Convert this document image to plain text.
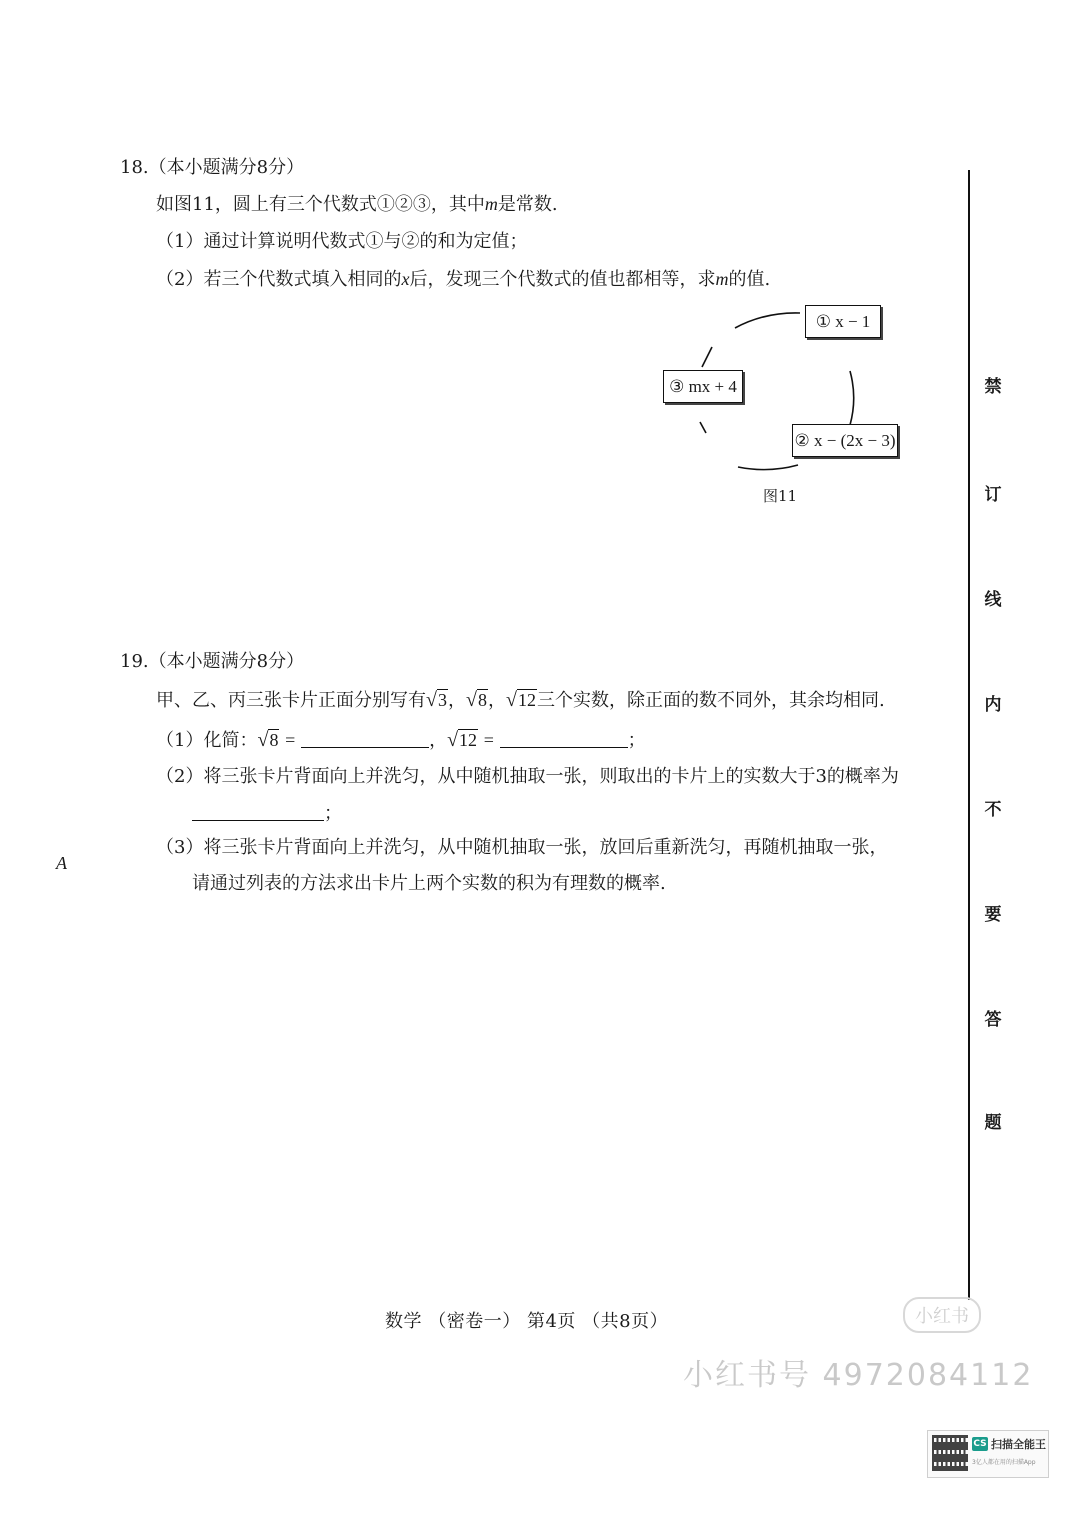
18.（本小题满分8分）
如图11，圆上有三个代数式①②③，其中m是常数.
（1）通过计算说明代数式①与②的和为定值；
（2）若三个代数式填入相同的x后，发现三个代数式的值也都相等，求m的值.
① x − 1
③ mx + 4
② x − (2x − 3)
图11
19.（本小题满分8分）
甲、乙、丙三张卡片正面分别写有√3，√8，√12三个实数，除正面的数不同外，其余均相同.
（1）化简：√8 =	，√12 =	；
（2）将三张卡片背面向上并洗匀，从中随机抽取一张，则取出的卡片上的实数大于3的概率为
；
（3）将三张卡片背面向上并洗匀，从中随机抽取一张，放回后重新洗匀，再随机抽取一张，
请通过列表的方法求出卡片上两个实数的积为有理数的概率.
A
禁
订
线
内
不
要
答
题
数学 （密卷一） 第4页 （共8页）	小红书
小红书号 4972084112
CS 扫描全能王
3亿人都在用的扫描App
